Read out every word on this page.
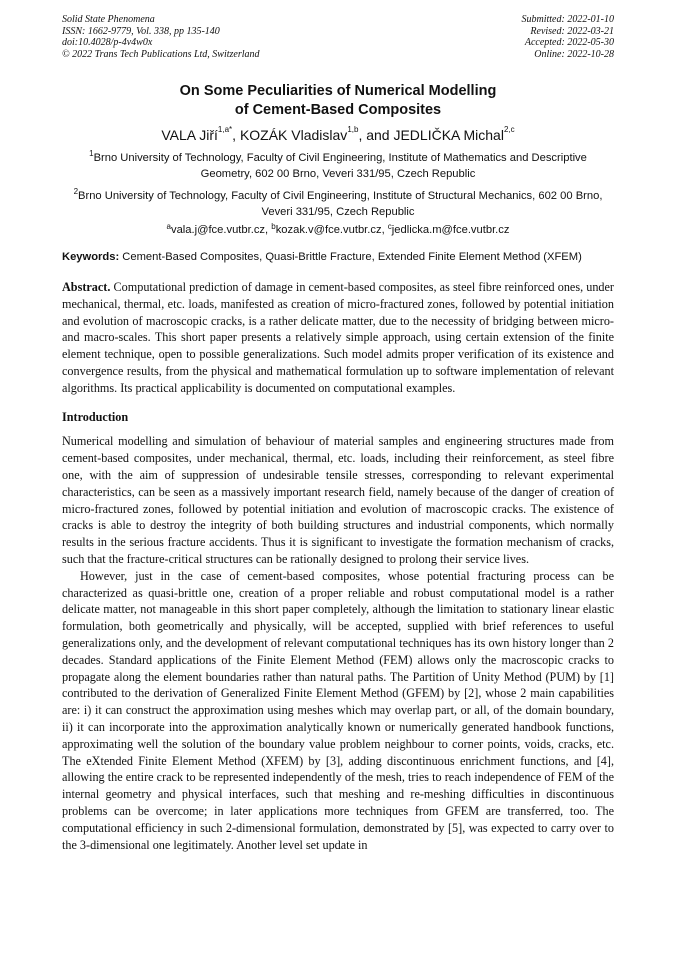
Solid State Phenomena
ISSN: 1662-9779, Vol. 338, pp 135-140
doi:10.4028/p-4v4w0x
© 2022 Trans Tech Publications Ltd, Switzerland
Submitted: 2022-01-10
Revised: 2022-03-21
Accepted: 2022-05-30
Online: 2022-10-28
On Some Peculiarities of Numerical Modelling
of Cement-Based Composites
VALA Jiří$^{1,a*}$, KOZÁK Vladislav$^{1,b}$, and JEDLIČKA Michal$^{2,c}$
$^1$Brno University of Technology, Faculty of Civil Engineering, Institute of Mathematics and Descriptive Geometry, 602 00 Brno, Veveri 331/95, Czech Republic
$^2$Brno University of Technology, Faculty of Civil Engineering, Institute of Structural Mechanics, 602 00 Brno, Veveri 331/95, Czech Republic
$^a$vala.j@fce.vutbr.cz, $^b$kozak.v@fce.vutbr.cz, $^c$jedlicka.m@fce.vutbr.cz
Keywords: Cement-Based Composites, Quasi-Brittle Fracture, Extended Finite Element Method (XFEM)
Abstract. Computational prediction of damage in cement-based composites, as steel fibre reinforced ones, under mechanical, thermal, etc. loads, manifested as creation of micro-fractured zones, followed by potential initiation and evolution of macroscopic cracks, is a rather delicate matter, due to the necessity of bridging between micro- and macro-scales. This short paper presents a relatively simple approach, using certain extension of the finite element technique, open to possible generalizations. Such model admits proper verification of its existence and convergence results, from the physical and mathematical formulation up to software implementation of relevant algorithms. Its practical applicability is documented on computational examples.
Introduction
Numerical modelling and simulation of behaviour of material samples and engineering structures made from cement-based composites, under mechanical, thermal, etc. loads, including their reinforcement, as steel fibre one, with the aim of suppression of undesirable tensile stresses, corresponding to relevant experimental characteristics, can be seen as a massively important research field, namely because of the danger of creation of micro-fractured zones, followed by potential initiation and evolution of macroscopic cracks. The existence of cracks is able to destroy the integrity of both building structures and industrial components, which normally results in the serious fracture accidents. Thus it is significant to investigate the formation mechanism of cracks, such that the fracture-critical structures can be rationally designed to prolong their service lives.
However, just in the case of cement-based composites, whose potential fracturing process can be characterized as quasi-brittle one, creation of a proper reliable and robust computational model is a rather delicate matter, not manageable in this short paper completely, although the limitation to stationary linear elastic formulation, both geometrically and physically, will be accepted, supplied with brief references to useful generalizations only, and the development of relevant computational techniques has its own history longer than 2 decades. Standard applications of the Finite Element Method (FEM) allows only the macroscopic cracks to propagate along the element boundaries rather than natural paths. The Partition of Unity Method (PUM) by [1] contributed to the derivation of Generalized Finite Element Method (GFEM) by [2], whose 2 main capabilities are: i) it can construct the approximation using meshes which may overlap part, or all, of the domain boundary, ii) it can incorporate into the approximation analytically known or numerically generated handbook functions, approximating well the solution of the boundary value problem neighbour to corner points, voids, cracks, etc. The eXtended Finite Element Method (XFEM) by [3], adding discontinuous enrichment functions, and [4], allowing the entire crack to be represented independently of the mesh, tries to reach independence of FEM of the internal geometry and physical interfaces, such that meshing and re-meshing difficulties in discontinuous problems can be overcome; in later applications more techniques from GFEM are transferred, too. The computational efficiency in such 2-dimensional formulation, demonstrated by [5], was expected to carry over to the 3-dimensional one legitimately. Another level set update in
